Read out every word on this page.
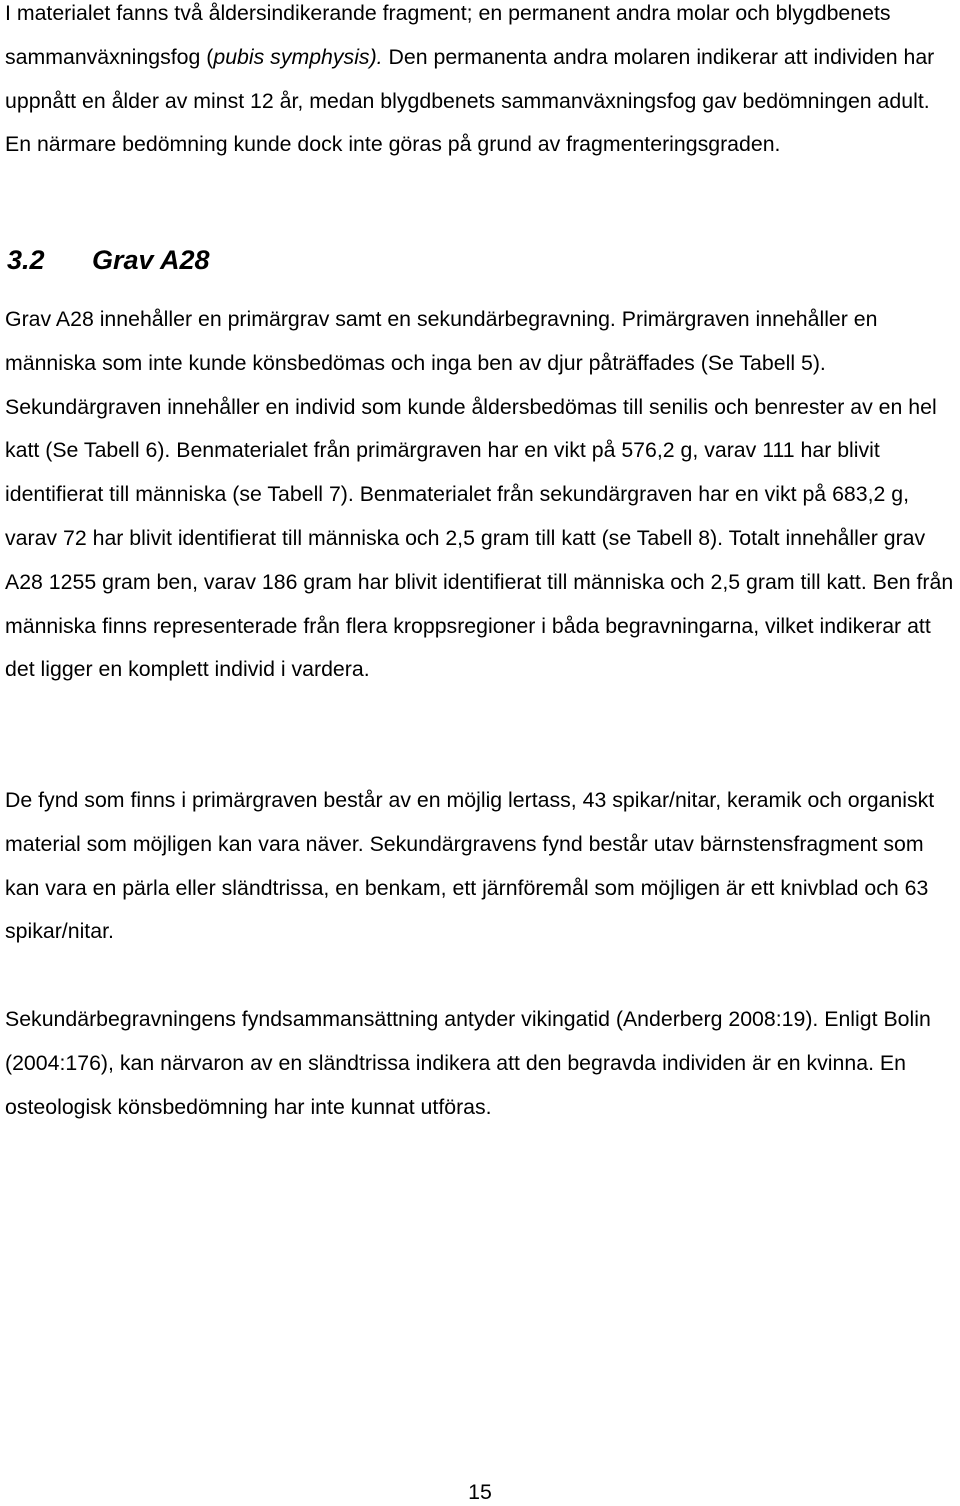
I materialet fanns två åldersindikerande fragment; en permanent andra molar och blygdbenets sammanväxningsfog (pubis symphysis). Den permanenta andra molaren indikerar att individen har uppnått en ålder av minst 12 år, medan blygdbenets sammanväxningsfog gav bedömningen adult. En närmare bedömning kunde dock inte göras på grund av fragmenteringsgraden.

3.2 Grav A28

Grav A28 innehåller en primärgrav samt en sekundärbegravning. Primärgraven innehåller en människa som inte kunde könsbedömas och inga ben av djur påträffades (Se Tabell 5). Sekundärgraven innehåller en individ som kunde åldersbedömas till senilis och benrester av en hel katt (Se Tabell 6). Benmaterialet från primärgraven har en vikt på 576,2 g, varav 111 har blivit identifierat till människa (se Tabell 7). Benmaterialet från sekundärgraven har en vikt på 683,2 g, varav 72 har blivit identifierat till människa och 2,5 gram till katt (se Tabell 8). Totalt innehåller grav A28 1255 gram ben, varav 186 gram har blivit identifierat till människa och 2,5 gram till katt. Ben från människa finns representerade från flera kroppsregioner i båda begravningarna, vilket indikerar att det ligger en komplett individ i vardera.

De fynd som finns i primärgraven består av en möjlig lertass, 43 spikar/nitar, keramik och organiskt material som möjligen kan vara näver. Sekundärgravens fynd består utav bärnstensfragment som kan vara en pärla eller sländtrissa, en benkam, ett järnföremål som möjligen är ett knivblad och 63 spikar/nitar.

Sekundärbegravningens fyndsammansättning antyder vikingatid (Anderberg 2008:19). Enligt Bolin (2004:176), kan närvaron av en sländtrissa indikera att den begravda individen är en kvinna. En osteologisk könsbedömning har inte kunnat utföras.

15
